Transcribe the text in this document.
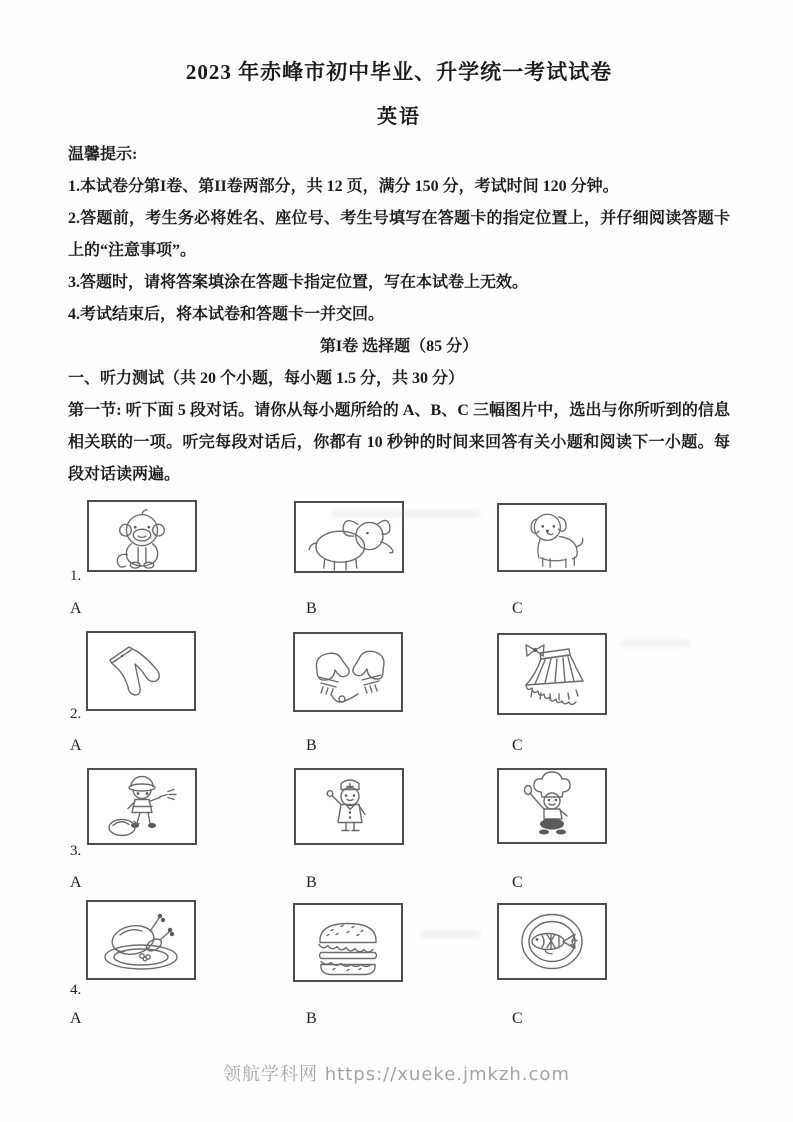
2023 年赤峰市初中毕业、升学统一考试试卷
英语

温馨提示:

1.本试卷分第I卷、第II卷两部分，共 12 页，满分 150 分，考试时间 120 分钟。

2.答题前，考生务必将姓名、座位号、考生号填写在答题卡的指定位置上，并仔细阅读答题卡上的“注意事项”。

3.答题时，请将答案填涂在答题卡指定位置，写在本试卷上无效。

4.考试结束后，将本试卷和答题卡一并交回。

第I卷 选择题（85 分）

一、听力测试（共 20 个小题，每小题 1.5 分，共 30 分）

第一节: 听下面 5 段对话。请你从每小题所给的 A、B、C 三幅图片中，选出与你所听到的信息相关联的一项。听完每段对话后，你都有 10 秒钟的时间来回答有关小题和阅读下一小题。每段对话读两遍。

1.
A	B	C
2.
A	B	C
3.
A	B	C
4.
A	B	C
领航学科网 https://xueke.jmkzh.com
